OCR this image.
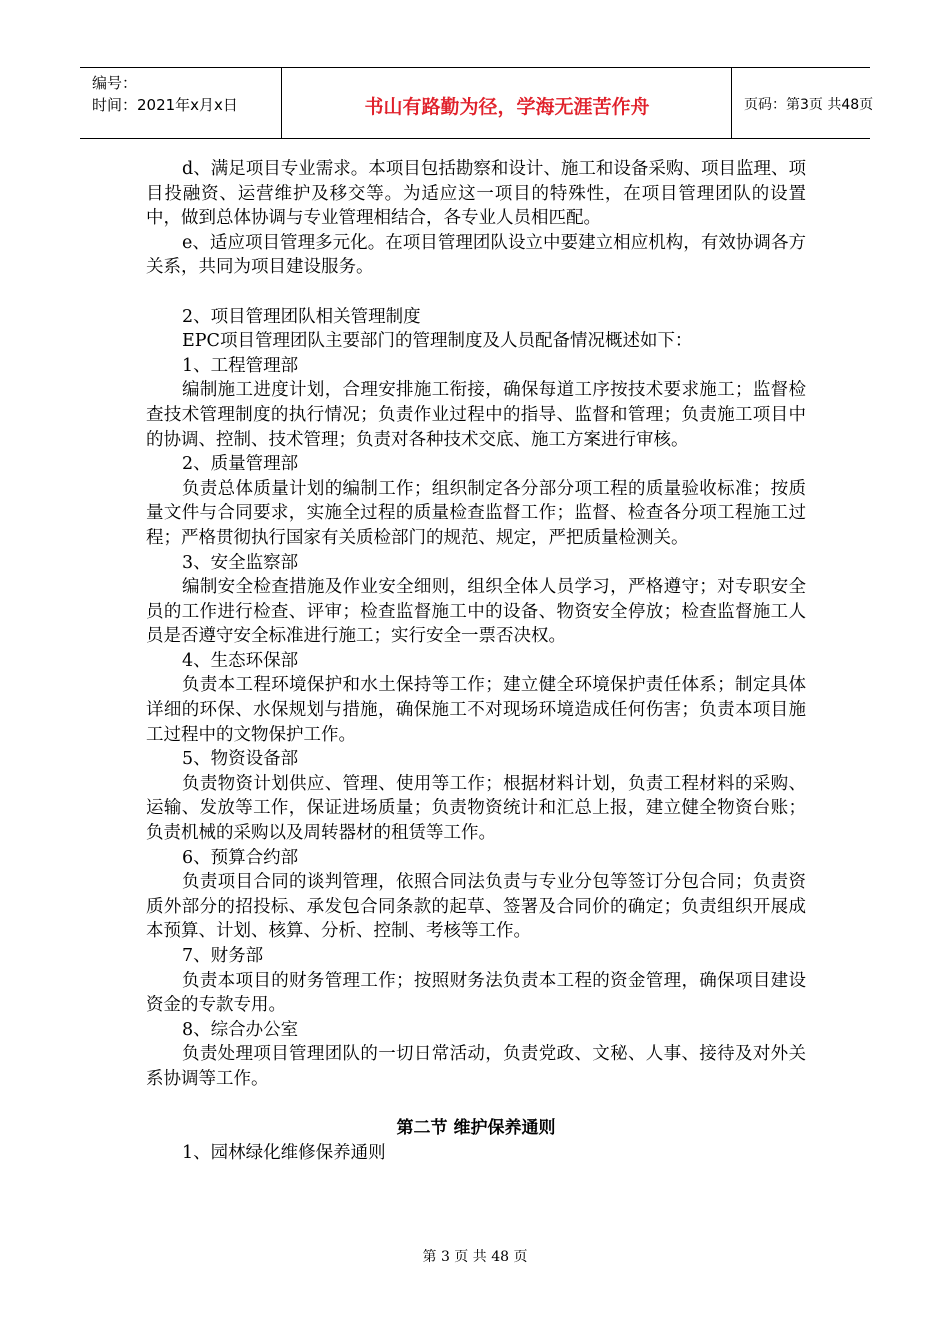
编号：
时间：2021年x月x日	书山有路勤为径，学海无涯苦作舟	页码：第3页 共48页

d、满足项目专业需求。本项目包括勘察和设计、施工和设备采购、项目监理、项目投融资、运营维护及移交等。为适应这一项目的特殊性，在项目管理团队的设置中，做到总体协调与专业管理相结合，各专业人员相匹配。

e、适应项目管理多元化。在项目管理团队设立中要建立相应机构，有效协调各方关系，共同为项目建设服务。

2、项目管理团队相关管理制度

EPC项目管理团队主要部门的管理制度及人员配备情况概述如下：

1、工程管理部

编制施工进度计划，合理安排施工衔接，确保每道工序按技术要求施工；监督检查技术管理制度的执行情况；负责作业过程中的指导、监督和管理；负责施工项目中的协调、控制、技术管理；负责对各种技术交底、施工方案进行审核。

2、质量管理部

负责总体质量计划的编制工作；组织制定各分部分项工程的质量验收标准；按质量文件与合同要求，实施全过程的质量检查监督工作；监督、检查各分项工程施工过程；严格贯彻执行国家有关质检部门的规范、规定，严把质量检测关。

3、安全监察部

编制安全检查措施及作业安全细则，组织全体人员学习，严格遵守；对专职安全员的工作进行检查、评审；检查监督施工中的设备、物资安全停放；检查监督施工人员是否遵守安全标准进行施工；实行安全一票否决权。

4、生态环保部

负责本工程环境保护和水土保持等工作；建立健全环境保护责任体系；制定具体详细的环保、水保规划与措施，确保施工不对现场环境造成任何伤害；负责本项目施工过程中的文物保护工作。

5、物资设备部

负责物资计划供应、管理、使用等工作；根据材料计划，负责工程材料的采购、运输、发放等工作，保证进场质量；负责物资统计和汇总上报，建立健全物资台账；负责机械的采购以及周转器材的租赁等工作。

6、预算合约部

负责项目合同的谈判管理，依照合同法负责与专业分包等签订分包合同；负责资质外部分的招投标、承发包合同条款的起草、签署及合同价的确定；负责组织开展成本预算、计划、核算、分析、控制、考核等工作。

7、财务部

负责本项目的财务管理工作；按照财务法负责本工程的资金管理，确保项目建设资金的专款专用。

8、综合办公室

负责处理项目管理团队的一切日常活动，负责党政、文秘、人事、接待及对外关系协调等工作。

第二节 维护保养通则

1、园林绿化维修保养通则

第 3 页 共 48 页
